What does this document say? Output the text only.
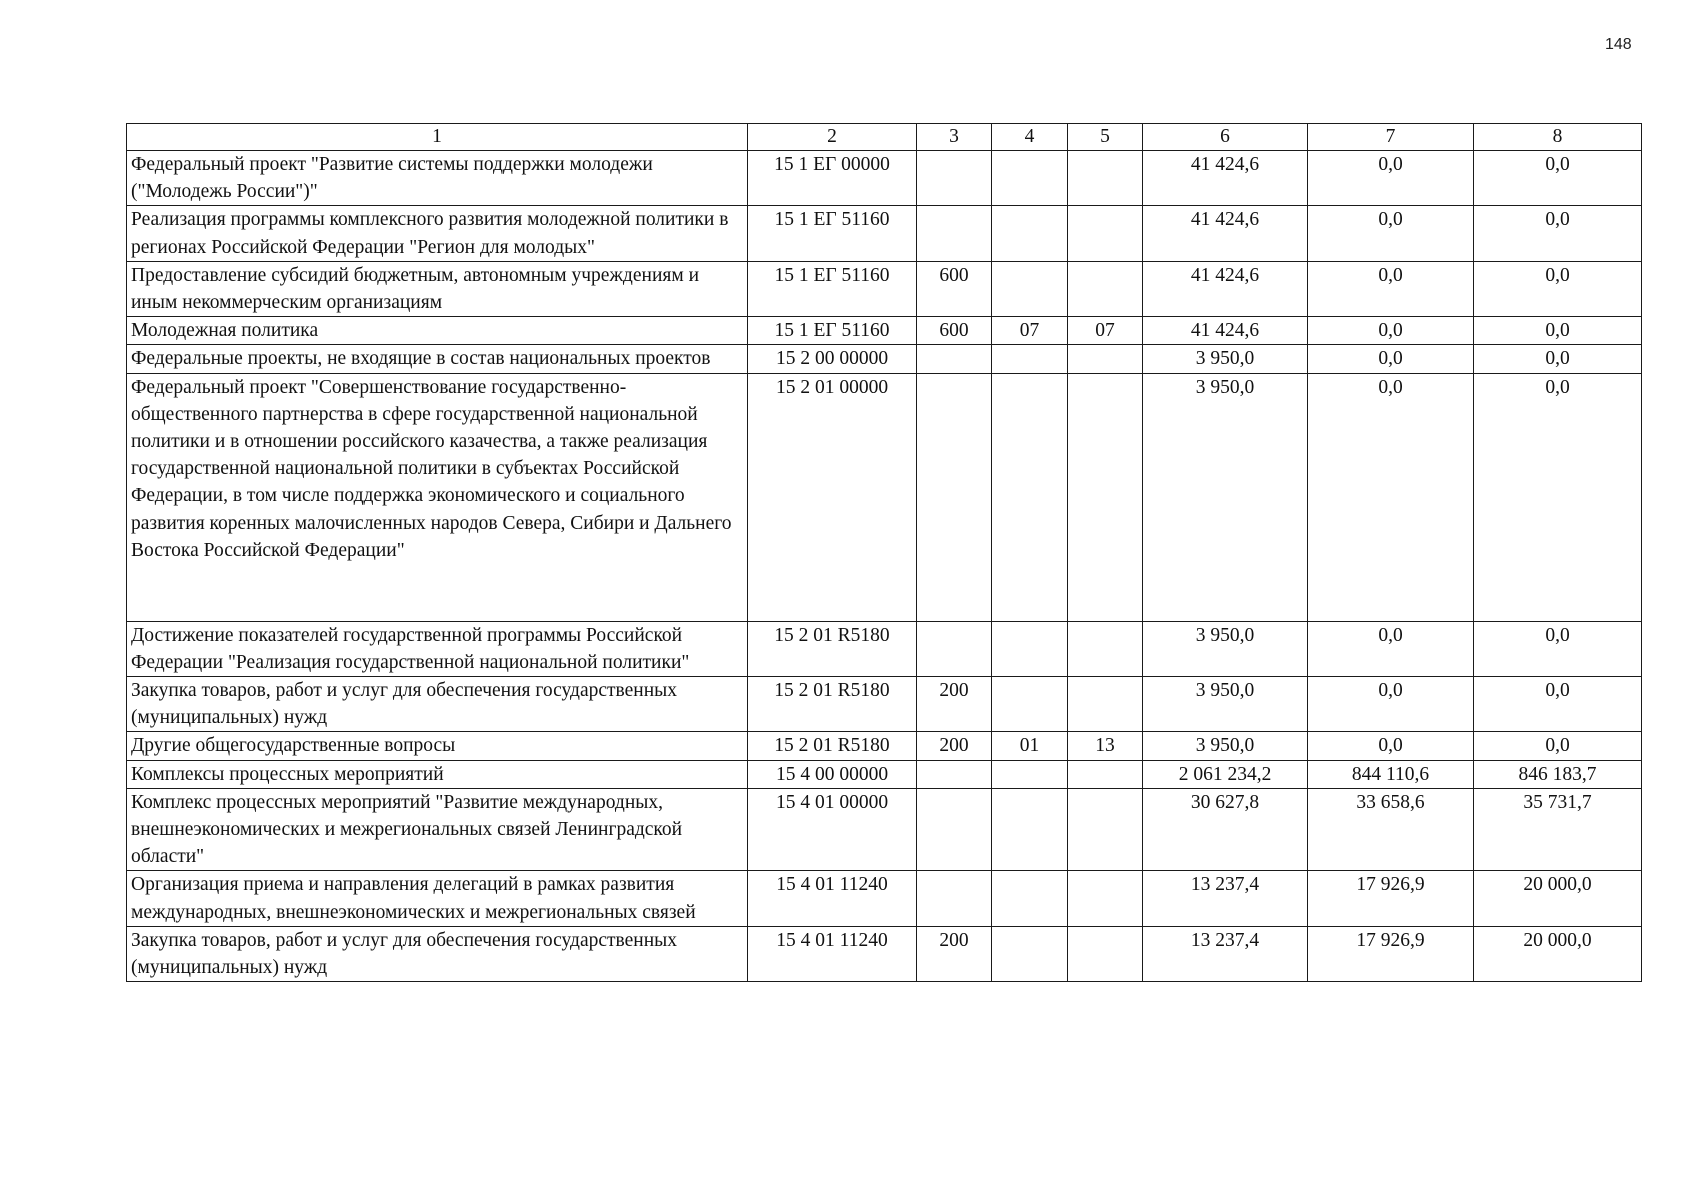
148
1	2	3	4	5	6	7	8
Федеральный проект "Развитие системы поддержки молодежи ("Молодежь России")"	15 1 ЕГ 00000				41 424,6	0,0	0,0
Реализация программы комплексного развития молодежной политики в регионах Российской Федерации "Регион для молодых"	15 1 ЕГ 51160				41 424,6	0,0	0,0
Предоставление субсидий бюджетным, автономным учреждениям и иным некоммерческим организациям	15 1 ЕГ 51160	600			41 424,6	0,0	0,0
Молодежная политика	15 1 ЕГ 51160	600	07	07	41 424,6	0,0	0,0
Федеральные проекты, не входящие в состав национальных проектов	15 2 00 00000				3 950,0	0,0	0,0
Федеральный проект "Совершенствование государственно-общественного партнерства в сфере государственной национальной политики и в отношении российского казачества, а также реализация государственной национальной политики в субъектах Российской Федерации, в том числе поддержка экономического и социального развития коренных малочисленных народов Севера, Сибири и Дальнего Востока Российской Федерации"	15 2 01 00000				3 950,0	0,0	0,0
Достижение показателей государственной программы Российской Федерации "Реализация государственной национальной политики"	15 2 01 R5180				3 950,0	0,0	0,0
Закупка товаров, работ и услуг для обеспечения государственных (муниципальных) нужд	15 2 01 R5180	200			3 950,0	0,0	0,0
Другие общегосударственные вопросы	15 2 01 R5180	200	01	13	3 950,0	0,0	0,0
Комплексы процессных мероприятий	15 4 00 00000				2 061 234,2	844 110,6	846 183,7
Комплекс процессных мероприятий "Развитие международных, внешнеэкономических и межрегиональных связей Ленинградской области"	15 4 01 00000				30 627,8	33 658,6	35 731,7
Организация приема и направления делегаций в рамках развития международных, внешнеэкономических и межрегиональных связей	15 4 01 11240				13 237,4	17 926,9	20 000,0
Закупка товаров, работ и услуг для обеспечения государственных (муниципальных) нужд	15 4 01 11240	200			13 237,4	17 926,9	20 000,0
